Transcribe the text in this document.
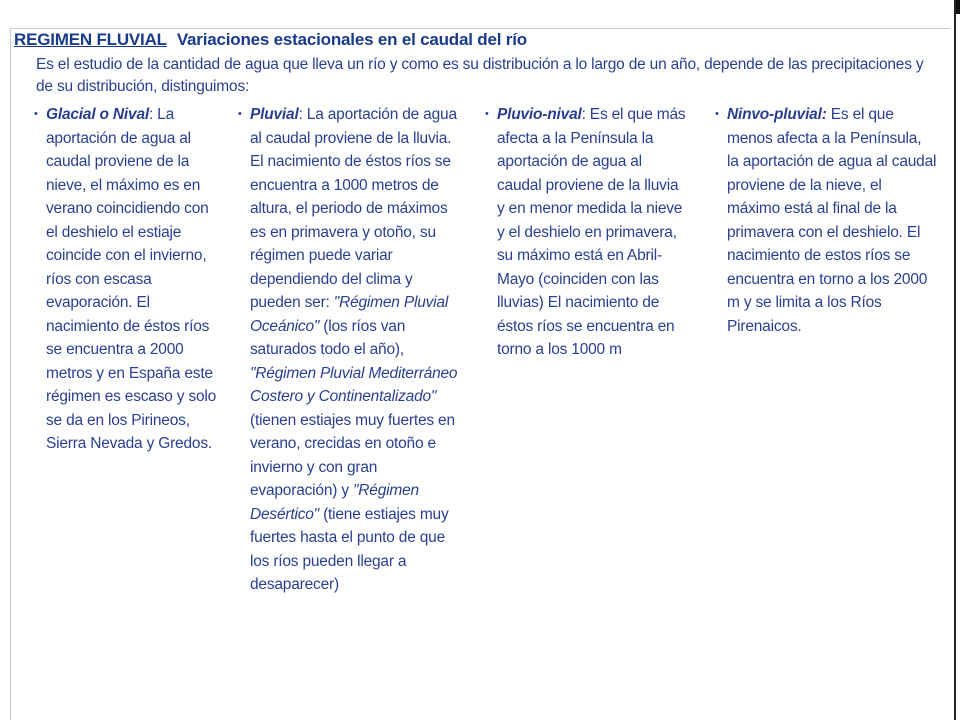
REGIMEN FLUVIAL Variaciones estacionales en el caudal del río
Es el estudio de la cantidad de agua que lleva un río y como es su distribución a lo largo de un año, depende de las precipitaciones y de su distribución, distinguimos:
• Glacial o Nival: La aportación de agua al caudal proviene de la nieve, el máximo es en verano coincidiendo con el deshielo el estiaje coincide con el invierno, ríos con escasa evaporación. El nacimiento de éstos ríos se encuentra a 2000 metros y en España este régimen es escaso y solo se da en los Pirineos, Sierra Nevada y Gredos.
• Pluvial: La aportación de agua al caudal proviene de la lluvia. El nacimiento de éstos ríos se encuentra a 1000 metros de altura, el periodo de máximos es en primavera y otoño, su régimen puede variar dependiendo del clima y pueden ser: "Régimen Pluvial Oceánico" (los ríos van saturados todo el año), "Régimen Pluvial Mediterráneo Costero y Continentalizado" (tienen estiajes muy fuertes en verano, crecidas en otoño e invierno y con gran evaporación) y "Régimen Desértico" (tiene estiajes muy fuertes hasta el punto de que los ríos pueden llegar a desaparecer)
• Pluvio-nival: Es el que más afecta a la Península la aportación de agua al caudal proviene de la lluvia y en menor medida la nieve y el deshielo en primavera, su máximo está en Abril-Mayo (coinciden con las lluvias) El nacimiento de éstos ríos se encuentra en torno a los 1000 m
• Ninvo-pluvial: Es el que menos afecta a la Península, la aportación de agua al caudal proviene de la nieve, el máximo está al final de la primavera con el deshielo. El nacimiento de estos ríos se encuentra en torno a los 2000 m y se limita a los Ríos Pirenaicos.
